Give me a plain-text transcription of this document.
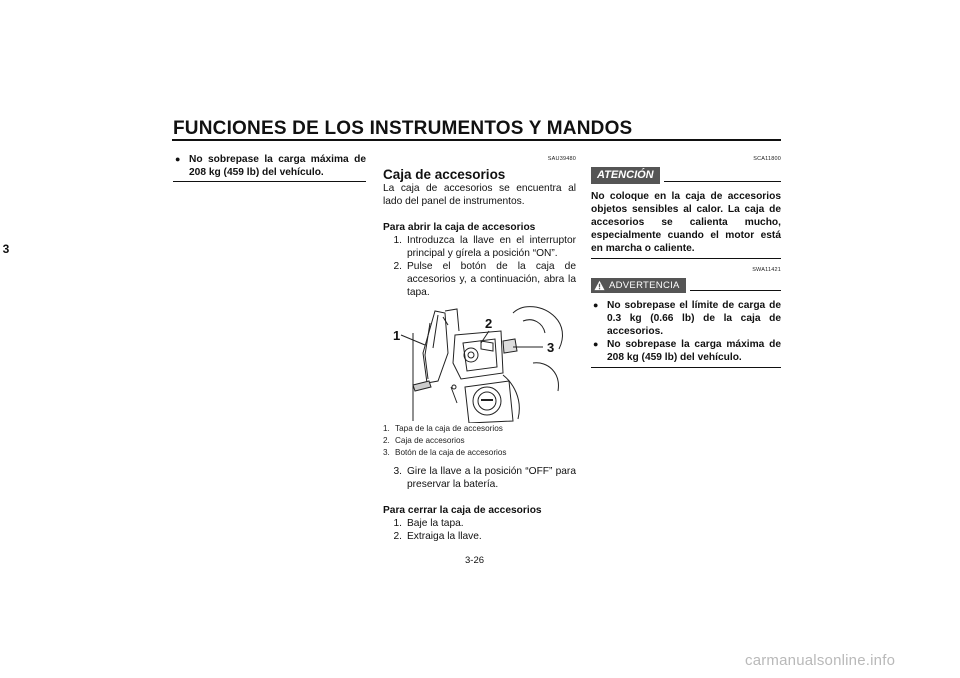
FUNCIONES DE LOS INSTRUMENTOS Y MANDOS
3
● No sobrepase la carga máxima de 208 kg (459 lb) del vehículo.
SAU39480
Caja de accesorios
La caja de accesorios se encuentra al lado del panel de instrumentos.
Para abrir la caja de accesorios
1. Introduzca la llave en el interruptor principal y gírela a posición “ON”.
2. Pulse el botón de la caja de accesorios y, a continuación, abra la tapa.
1
2
3
1. Tapa de la caja de accesorios
2. Caja de accesorios
3. Botón de la caja de accesorios
3. Gire la llave a la posición “OFF” para preservar la batería.
Para cerrar la caja de accesorios
1. Baje la tapa.
2. Extraiga la llave.
SCA11800
ATENCIÓN
No coloque en la caja de accesorios objetos sensibles al calor. La caja de accesorios se calienta mucho, especialmente cuando el motor está en marcha o caliente.
SWA11421
ADVERTENCIA
● No sobrepase el límite de carga de 0.3 kg (0.66 lb) de la caja de accesorios.
● No sobrepase la carga máxima de 208 kg (459 lb) del vehículo.
3-26
carmanualsonline.info
